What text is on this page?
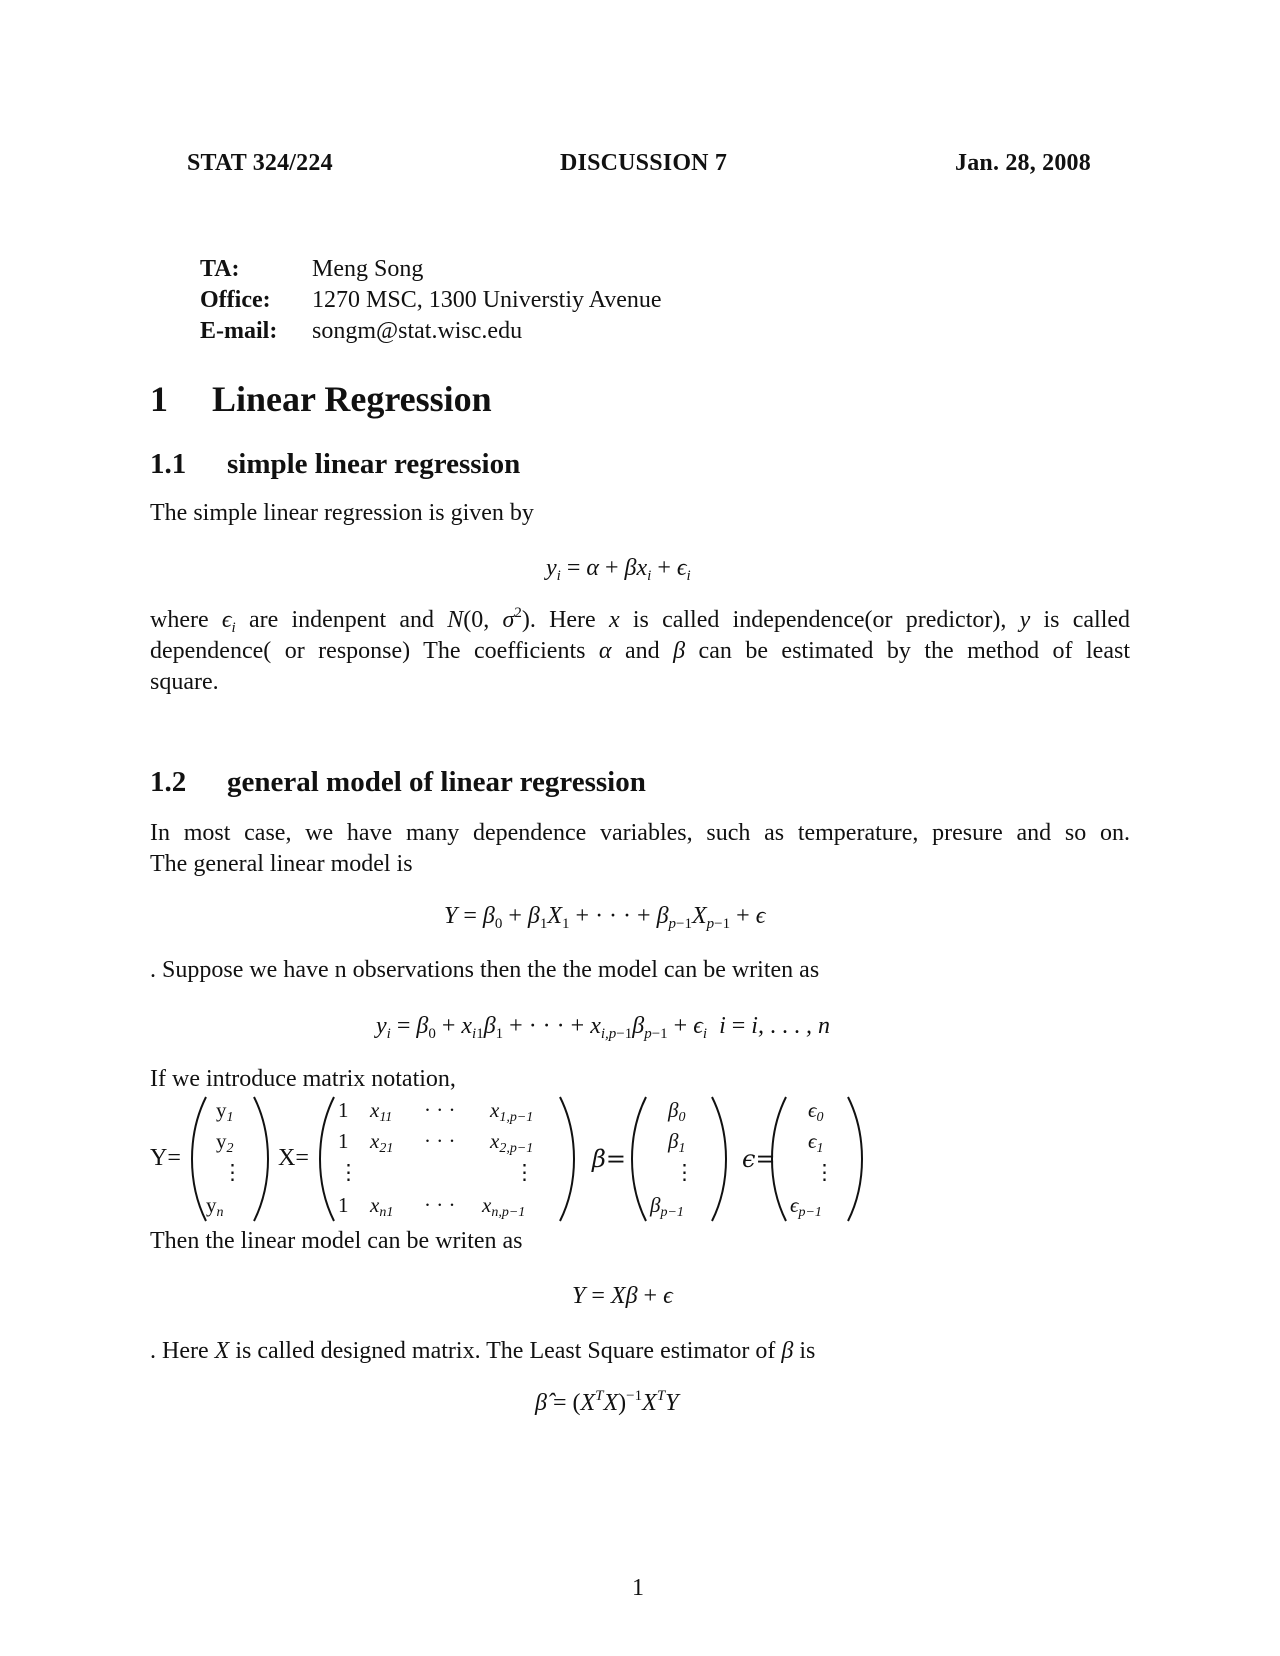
STAT 324/224	DISCUSSION 7	Jan. 28, 2008
TA:	Meng Song
Office: 1270 MSC, 1300 Universtiy Avenue
E-mail: songm@stat.wisc.edu
1 Linear Regression
1.1 simple linear regression
The simple linear regression is given by
$y_i = \alpha + \beta x_i + \epsilon_i$
where $\epsilon_i$ are indenpent and N(0, $\sigma^2$). Here x is called independence(or predictor), y is called
dependence( or response) The coefficients α and β can be estimated by the method of least
square.
1.2 general model of linear regression
In most case, we have many dependence variables, such as temperature, presure and so on.
The general linear model is
$Y = \beta_0 + \beta_1X_1$ + · · · + $\beta_{p-1}X_{p-1} + \epsilon$
. Suppose we have n observations then the the model can be writen as
$y_i = \beta_0 + x_{i1}\beta_1$ + · · · + $x_{i,p-1}\beta_{p-1} + \epsilon_i$ i = i, . . . , n
If we introduce matrix notation,
Y=
$y_1$
$y_2$
⋮
$y_n$
X=
1 $x_{11}$ · · · $x_{1,p-1}$
1 $x_{21}$ · · · $x_{2,p-1}$
⋮	⋮
1 $x_{n1}$ · · · $x_{n,p-1}$
β=
$\beta_0$
$\beta_1$
⋮
$\beta_{p-1}$
ϵ=
$\epsilon_0$
$\epsilon_1$
⋮
$\epsilon_{p-1}$
Then the linear model can be writen as
Y = Xβ + ϵ
. Here X is called designed matrix. The Least Square estimator of β is
β̂ = $(X^TX)^{-1}X^TY$
1
